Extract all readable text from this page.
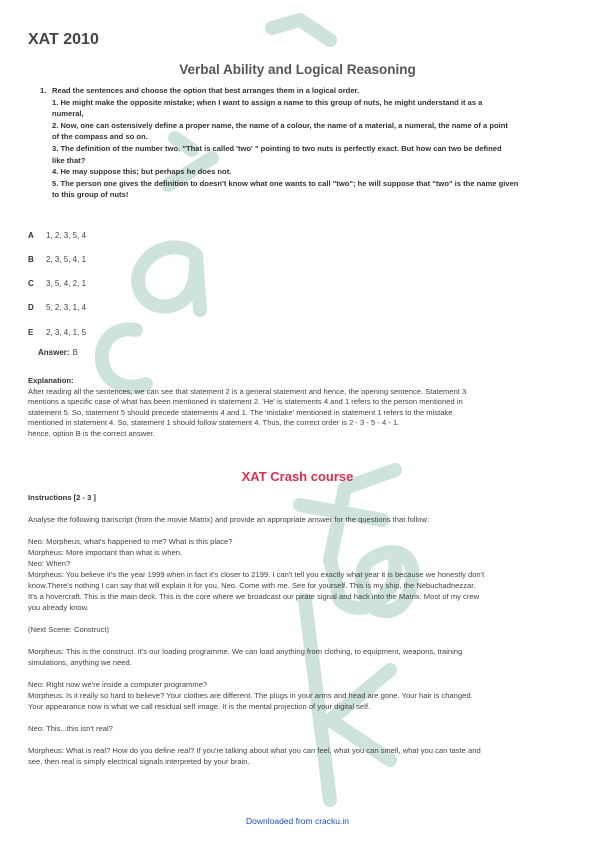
XAT 2010
Verbal Ability and Logical Reasoning
1. Read the sentences and choose the option that best arranges them in a logical order.
1. He might make the opposite mistake; when I want to assign a name to this group of nuts, he might understand it as a
numeral,
2. Now, one can ostensively define a proper name, the name of a colour, the name of a material, a numeral, the name of a point
of the compass and so on.
3. The definition of the number two. "That is called 'two' " pointing to two nuts is perfectly exact. But how can two be defined
like that?
4. He may suppose this; but perhaps he does not.
5. The person one gives the definition to doesn't know what one wants to call "two"; he will suppose that "two" is the name given
to this group of nuts!
A 1, 2, 3, 5, 4
B 2, 3, 5, 4, 1
C 3, 5, 4, 2, 1
D 5, 2, 3, 1, 4
E 2, 3, 4, 1, 5
Answer: B
Explanation:
After reading all the sentences, we can see that statement 2 is a general statement and hence, the opening sentence. Statement 3
mentions a specific case of what has been mentioned in statement 2. 'He' is statements 4 and 1 refers to the person mentioned in
statement 5. So, statement 5 should precede statements 4 and 1. The 'mistake' mentioned in statement 1 refers to the mistake
mentioned in statement 4. So, statement 1 should follow statement 4. Thus, the correct order is 2 - 3 - 5 - 4 - 1.
hence, option B is the correct answer.
XAT Crash course
Instructions [2 - 3 ]

Analyse the following transcript (from the movie Matrix) and provide an appropriate answer for the questions that follow:

Neo: Morpheus, what's happened to me? What is this place?
Morpheus: More important than what is when.
Neo: When?
Morpheus: You believe it's the year 1999 when in fact it's closer to 2199. I can't tell you exactly what year it is because we honestly don't
know.There's nothing I can say that will explain it for you, Neo. Come with me. See for yourself. This is my ship, the Nebuchadnezzar.
It's a hovercraft. This is the main deck. This is the core where we broadcast our pirate signal and hack into the Matrix. Most of my crew
you already know.

(Next Scene: Construct)

Morpheus: This is the construct. It's our loading programme. We can load anything from clothing, to equipment, weapons, training
simulations, anything we need.

Neo: Right now we're inside a computer programme?
Morpheus: Is it really so hard to believe? Your clothes are different. The plugs in your arms and head are gone. Your hair is changed.
Your appearance now is what we call residual self image. It is the mental projection of your digital self.

Neo: This...this isn't real?

Morpheus: What is real? How do you define real? If you're talking about what you can feel, what you can smell, what you can taste and
see, then real is simply electrical signals interpreted by your brain.

Downloaded from cracku.in
